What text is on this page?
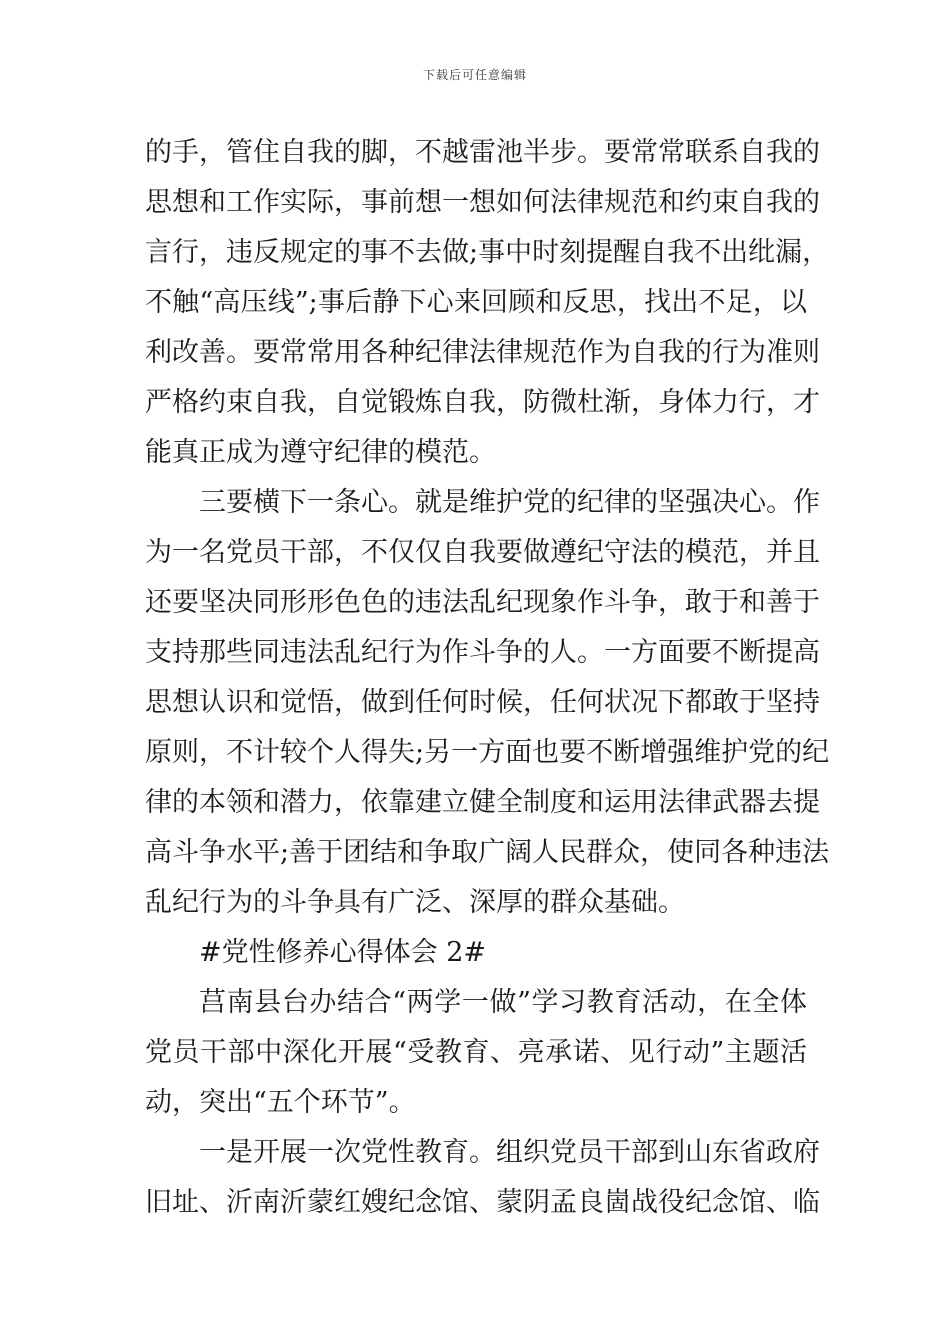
下载后可任意编辑
的手，管住自我的脚，不越雷池半步。要常常联系自我的
思想和工作实际，事前想一想如何法律规范和约束自我的
言行，违反规定的事不去做;事中时刻提醒自我不出纰漏，
不触“高压线”;事后静下心来回顾和反思，找出不足，以
利改善。要常常用各种纪律法律规范作为自我的行为准则
严格约束自我，自觉锻炼自我，防微杜渐，身体力行，才
能真正成为遵守纪律的模范。
三要横下一条心。就是维护党的纪律的坚强决心。作
为一名党员干部，不仅仅自我要做遵纪守法的模范，并且
还要坚决同形形色色的违法乱纪现象作斗争，敢于和善于
支持那些同违法乱纪行为作斗争的人。一方面要不断提高
思想认识和觉悟，做到任何时候，任何状况下都敢于坚持
原则，不计较个人得失;另一方面也要不断增强维护党的纪
律的本领和潜力，依靠建立健全制度和运用法律武器去提
高斗争水平;善于团结和争取广阔人民群众，使同各种违法
乱纪行为的斗争具有广泛、深厚的群众基础。
#党性修养心得体会 2#
莒南县台办结合“两学一做”学习教育活动，在全体
党员干部中深化开展“受教育、亮承诺、见行动”主题活
动，突出“五个环节”。
一是开展一次党性教育。组织党员干部到山东省政府
旧址、沂南沂蒙红嫂纪念馆、蒙阴孟良崮战役纪念馆、临
